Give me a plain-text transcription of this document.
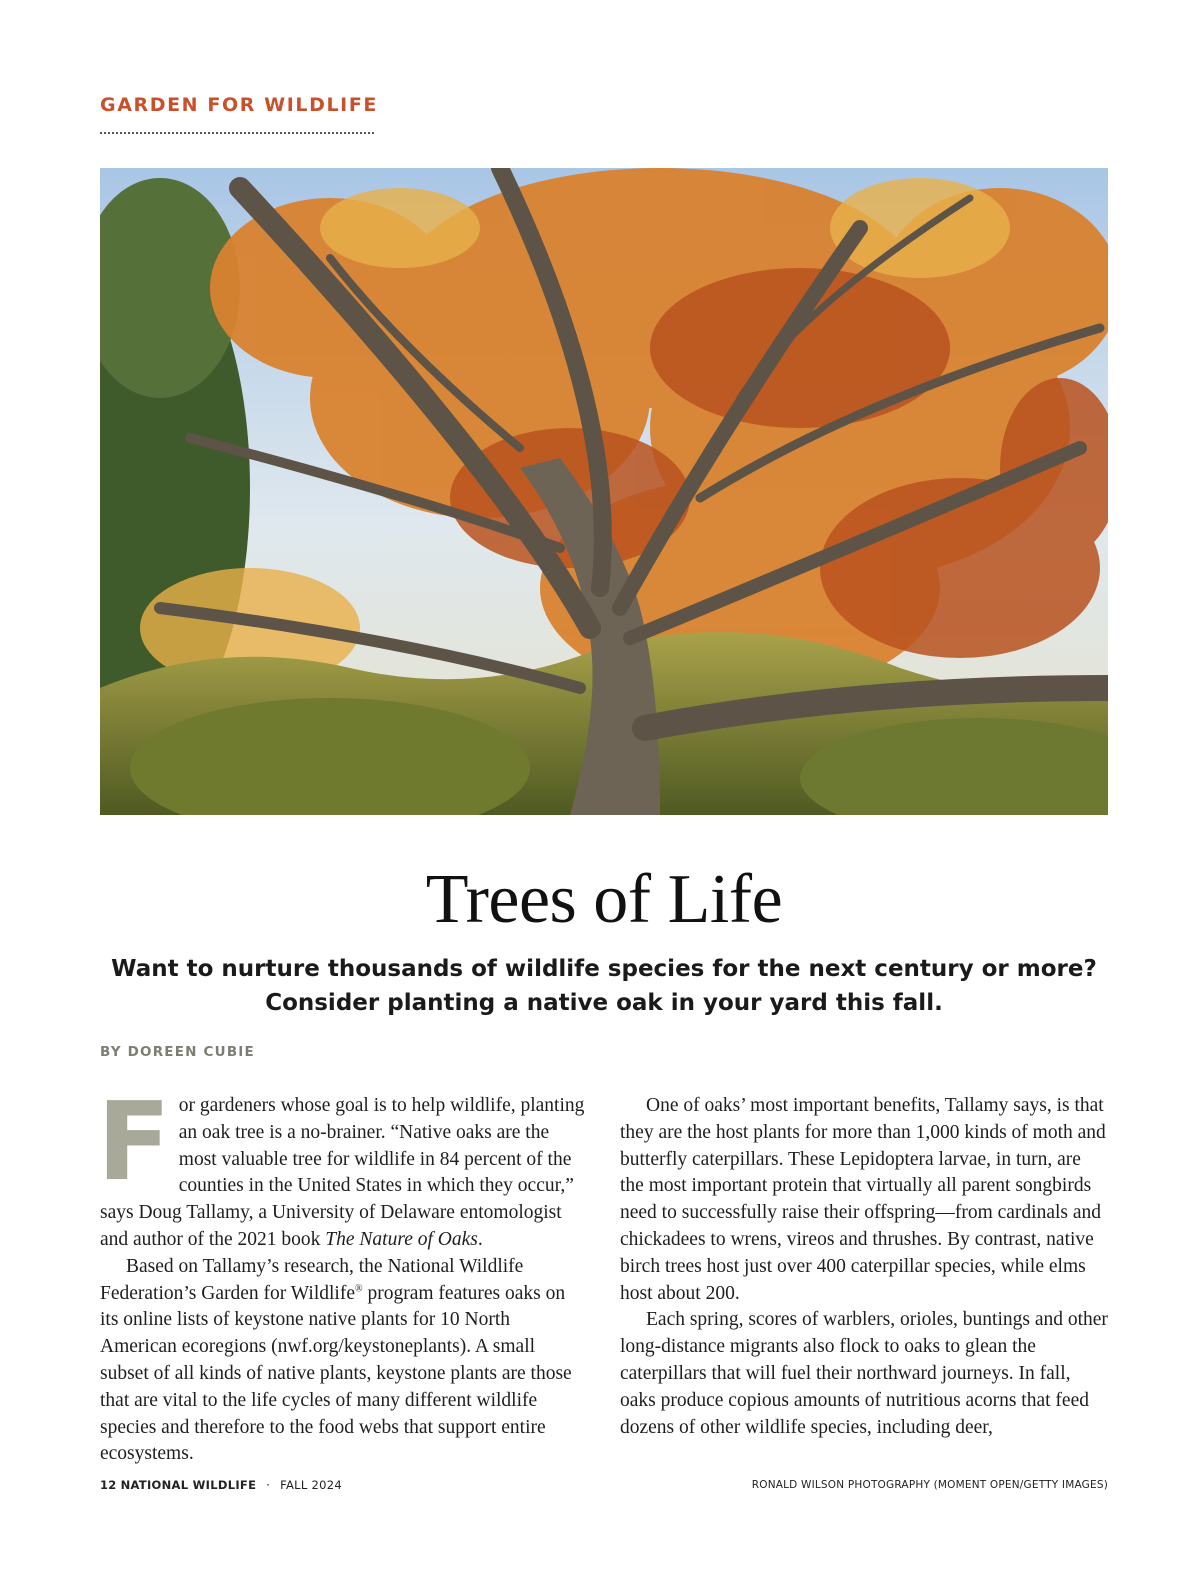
GARDEN FOR WILDLIFE
Trees of Life
Want to nurture thousands of wildlife species for the next century or more?
Consider planting a native oak in your yard this fall.
BY DOREEN CUBIE

For gardeners whose goal is to help wildlife, planting an oak tree is a no-brainer. “Native oaks are the most valuable tree for wildlife in 84 percent of the counties in the United States in which they occur,” says Doug Tallamy, a University of Delaware entomologist and author of the 2021 book The Nature of Oaks.

Based on Tallamy’s research, the National Wildlife Federation’s Garden for Wildlife® program features oaks on its online lists of keystone native plants for 10 North American ecoregions (nwf.org/keystoneplants). A small subset of all kinds of native plants, keystone plants are those that are vital to the life cycles of many different wildlife species and therefore to the food webs that support entire ecosystems.

One of oaks’ most important benefits, Tallamy says, is that they are the host plants for more than 1,000 kinds of moth and butterfly caterpillars. These Lepidoptera larvae, in turn, are the most important protein that virtually all parent songbirds need to successfully raise their offspring—from cardinals and chickadees to wrens, vireos and thrushes. By contrast, native birch trees host just over 400 caterpillar species, while elms host about 200.

Each spring, scores of warblers, orioles, buntings and other long-distance migrants also flock to oaks to glean the caterpillars that will fuel their northward journeys. In fall, oaks produce copious amounts of nutritious acorns that feed dozens of other wildlife species, including deer,

12 NATIONAL WILDLIFE · FALL 2024	RONALD WILSON PHOTOGRAPHY (MOMENT OPEN/GETTY IMAGES)
